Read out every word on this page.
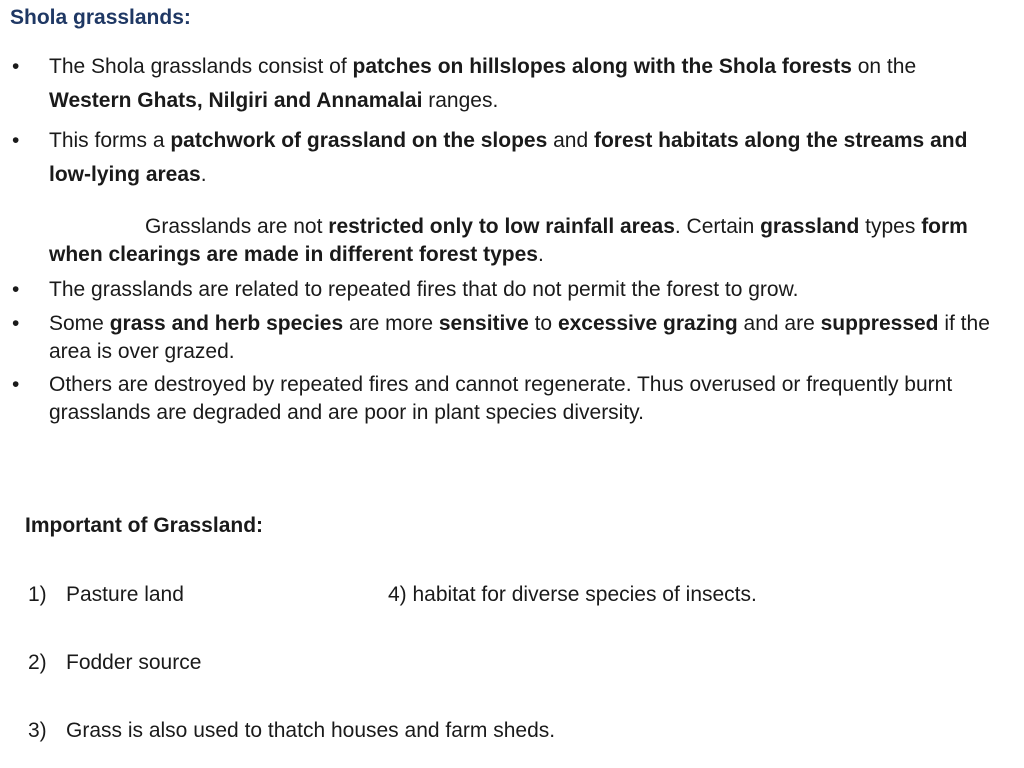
Shola grasslands:
• The Shola grasslands consist of patches on hillslopes along with the Shola forests on the Western Ghats, Nilgiri and Annamalai ranges.
• This forms a patchwork of grassland on the slopes and forest habitats along the streams and low-lying areas.
Grasslands are not restricted only to low rainfall areas. Certain grassland types form when clearings are made in different forest types.
• The grasslands are related to repeated fires that do not permit the forest to grow.
• Some grass and herb species are more sensitive to excessive grazing and are suppressed if the area is over grazed.
• Others are destroyed by repeated fires and cannot regenerate. Thus overused or frequently burnt grasslands are degraded and are poor in plant species diversity.
Important of Grassland:
1) Pasture land	4) habitat for diverse species of insects.
2) Fodder source
3) Grass is also used to thatch houses and farm sheds.
